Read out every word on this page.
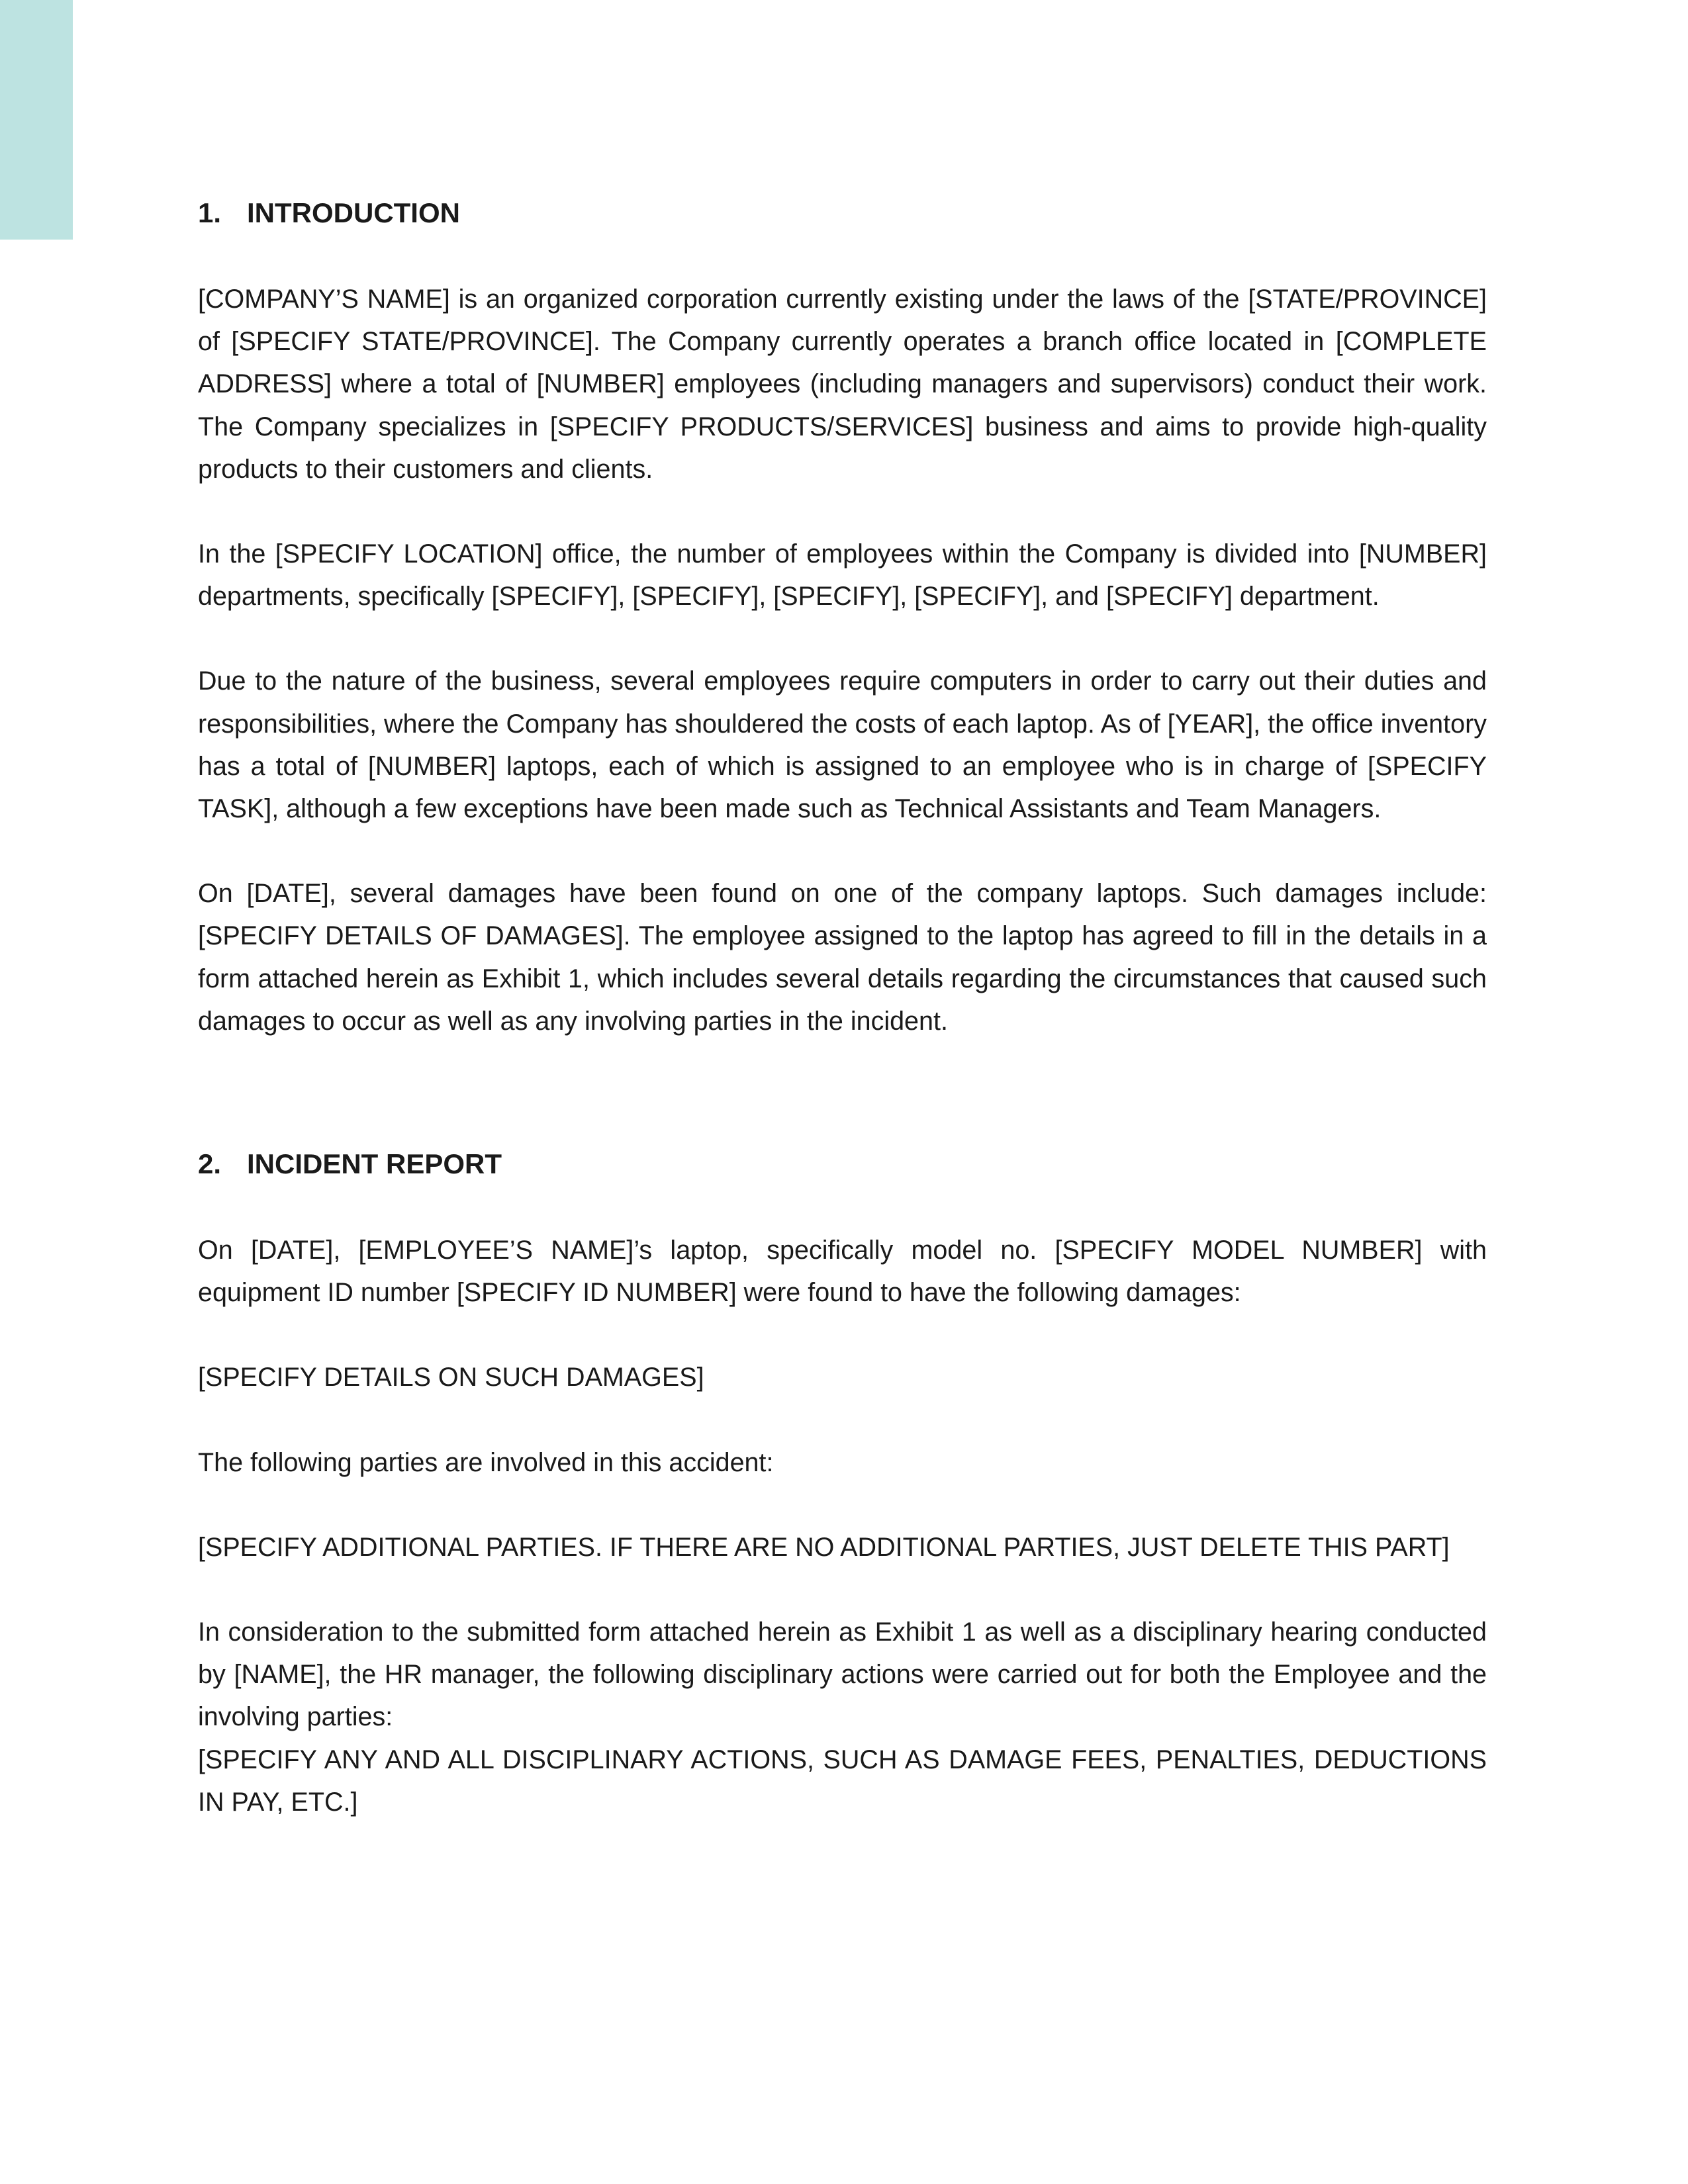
1. INTRODUCTION

[COMPANY’S NAME] is an organized corporation currently existing under the laws of the [STATE/PROVINCE] of [SPECIFY STATE/PROVINCE]. The Company currently operates a branch office located in [COMPLETE ADDRESS] where a total of [NUMBER] employees (including managers and supervisors) conduct their work. The Company specializes in [SPECIFY PRODUCTS/SERVICES] business and aims to provide high-quality products to their customers and clients.

In the [SPECIFY LOCATION] office, the number of employees within the Company is divided into [NUMBER] departments, specifically [SPECIFY], [SPECIFY], [SPECIFY], [SPECIFY], and [SPECIFY] department.

Due to the nature of the business, several employees require computers in order to carry out their duties and responsibilities, where the Company has shouldered the costs of each laptop. As of [YEAR], the office inventory has a total of [NUMBER] laptops, each of which is assigned to an employee who is in charge of [SPECIFY TASK], although a few exceptions have been made such as Technical Assistants and Team Managers.

On [DATE], several damages have been found on one of the company laptops. Such damages include: [SPECIFY DETAILS OF DAMAGES]. The employee assigned to the laptop has agreed to fill in the details in a form attached herein as Exhibit 1, which includes several details regarding the circumstances that caused such damages to occur as well as any involving parties in the incident.

2. INCIDENT REPORT

On [DATE], [EMPLOYEE’S NAME]’s laptop, specifically model no. [SPECIFY MODEL NUMBER] with equipment ID number [SPECIFY ID NUMBER] were found to have the following damages:

[SPECIFY DETAILS ON SUCH DAMAGES]

The following parties are involved in this accident:

[SPECIFY ADDITIONAL PARTIES. IF THERE ARE NO ADDITIONAL PARTIES, JUST DELETE THIS PART]

In consideration to the submitted form attached herein as Exhibit 1 as well as a disciplinary hearing conducted by [NAME], the HR manager, the following disciplinary actions were carried out for both the Employee and the involving parties:

[SPECIFY ANY AND ALL DISCIPLINARY ACTIONS, SUCH AS DAMAGE FEES, PENALTIES, DEDUCTIONS IN PAY, ETC.]
